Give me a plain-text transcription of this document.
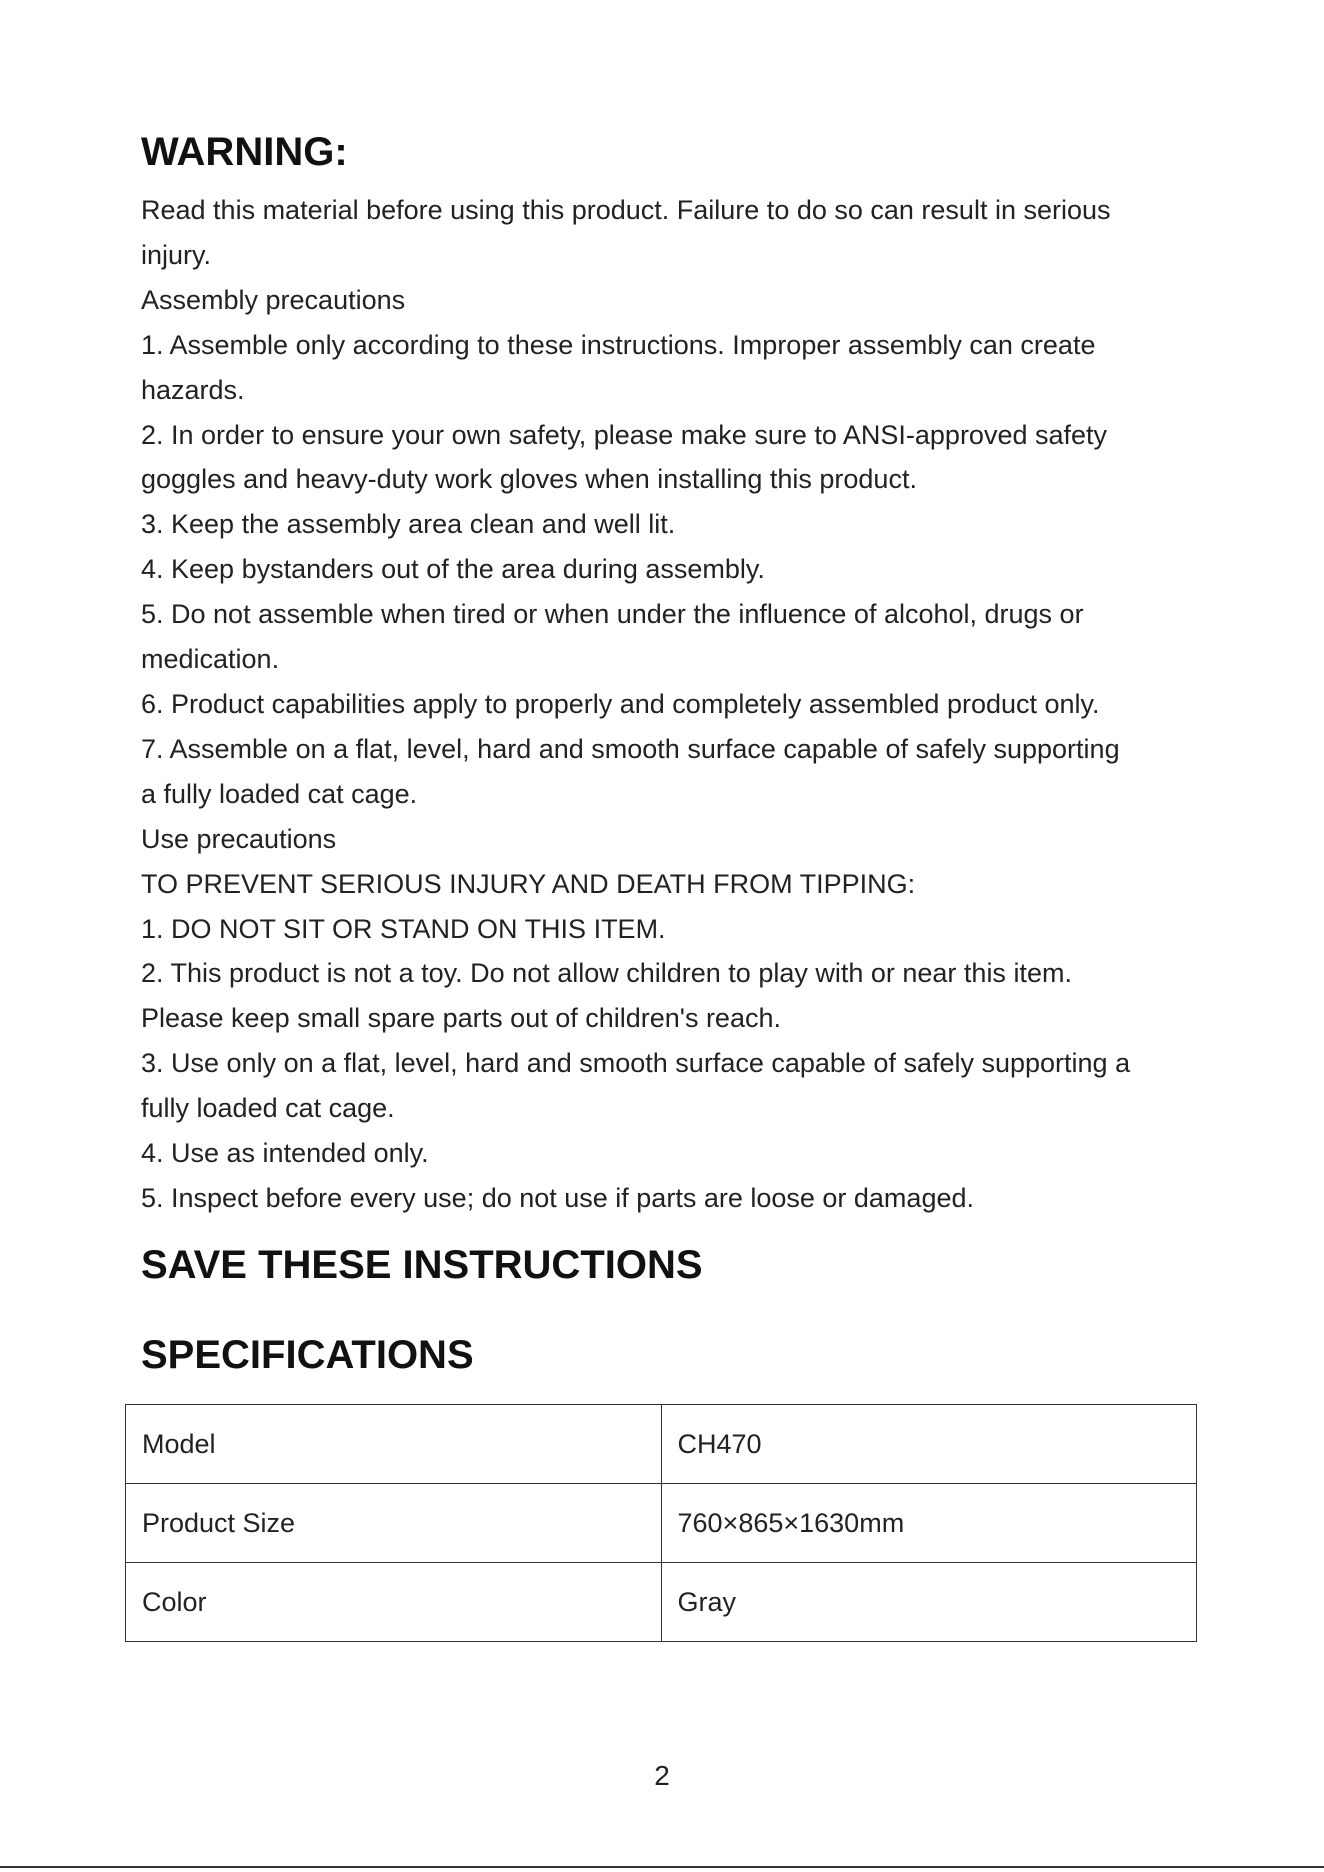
WARNING:
Read this material before using this product. Failure to do so can result in serious
injury.
Assembly precautions
1. Assemble only according to these instructions. Improper assembly can create
hazards.
2. In order to ensure your own safety, please make sure to ANSI-approved safety
goggles and heavy-duty work gloves when installing this product.
3. Keep the assembly area clean and well lit.
4. Keep bystanders out of the area during assembly.
5. Do not assemble when tired or when under the influence of alcohol, drugs or
medication.
6. Product capabilities apply to properly and completely assembled product only.
7. Assemble on a flat, level, hard and smooth surface capable of safely supporting
a fully loaded cat cage.
Use precautions
TO PREVENT SERIOUS INJURY AND DEATH FROM TIPPING:
1. DO NOT SIT OR STAND ON THIS ITEM.
2. This product is not a toy. Do not allow children to play with or near this item.
Please keep small spare parts out of children's reach.
3. Use only on a flat, level, hard and smooth surface capable of safely supporting a
fully loaded cat cage.
4. Use as intended only.
5. Inspect before every use; do not use if parts are loose or damaged.
SAVE THESE INSTRUCTIONS
SPECIFICATIONS
Model	CH470
Product Size	760×865×1630mm
Color	Gray
2
